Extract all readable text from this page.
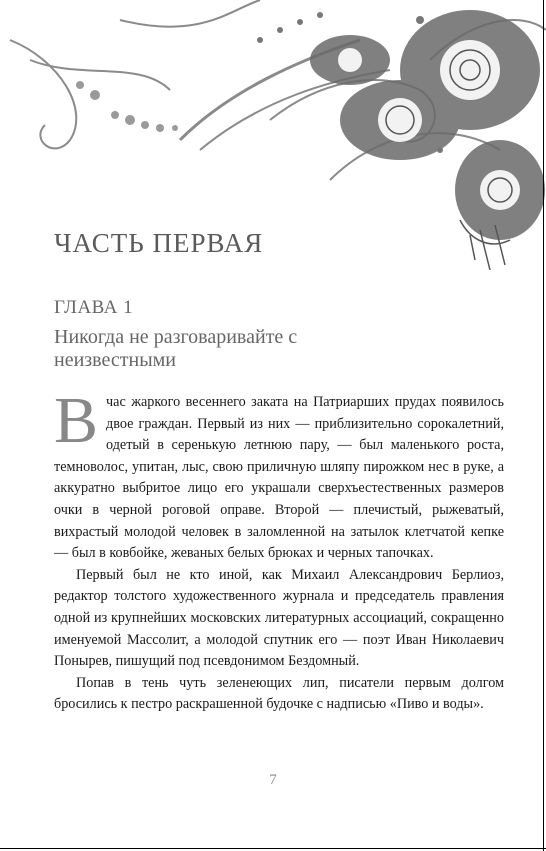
ЧАСТЬ ПЕРВАЯ
ГЛАВА 1
Никогда не разговаривайте с неизвестными

В час жаркого весеннего заката на Патриарших прудах появилось двое граждан. Первый из них — приблизительно сорокалетний, одетый в серенькую летнюю пару, — был маленького роста, темноволос, упитан, лыс, свою приличную шляпу пирожком нес в руке, а аккуратно выбритое лицо его украшали сверхъестественных размеров очки в черной роговой оправе. Второй — плечистый, рыжеватый, вихрастый молодой человек в заломленной на затылок клетчатой кепке — был в ковбойке, жеваных белых брюках и черных тапочках.

Первый был не кто иной, как Михаил Александрович Берлиоз, редактор толстого художественного журнала и председатель правления одной из крупнейших московских литературных ассоциаций, сокращенно именуемой Массолит, а молодой спутник его — поэт Иван Николаевич Понырев, пишущий под псевдонимом Бездомный.

Попав в тень чуть зеленеющих лип, писатели первым долгом бросились к пестро раскрашенной будочке с надписью «Пиво и воды».

7
